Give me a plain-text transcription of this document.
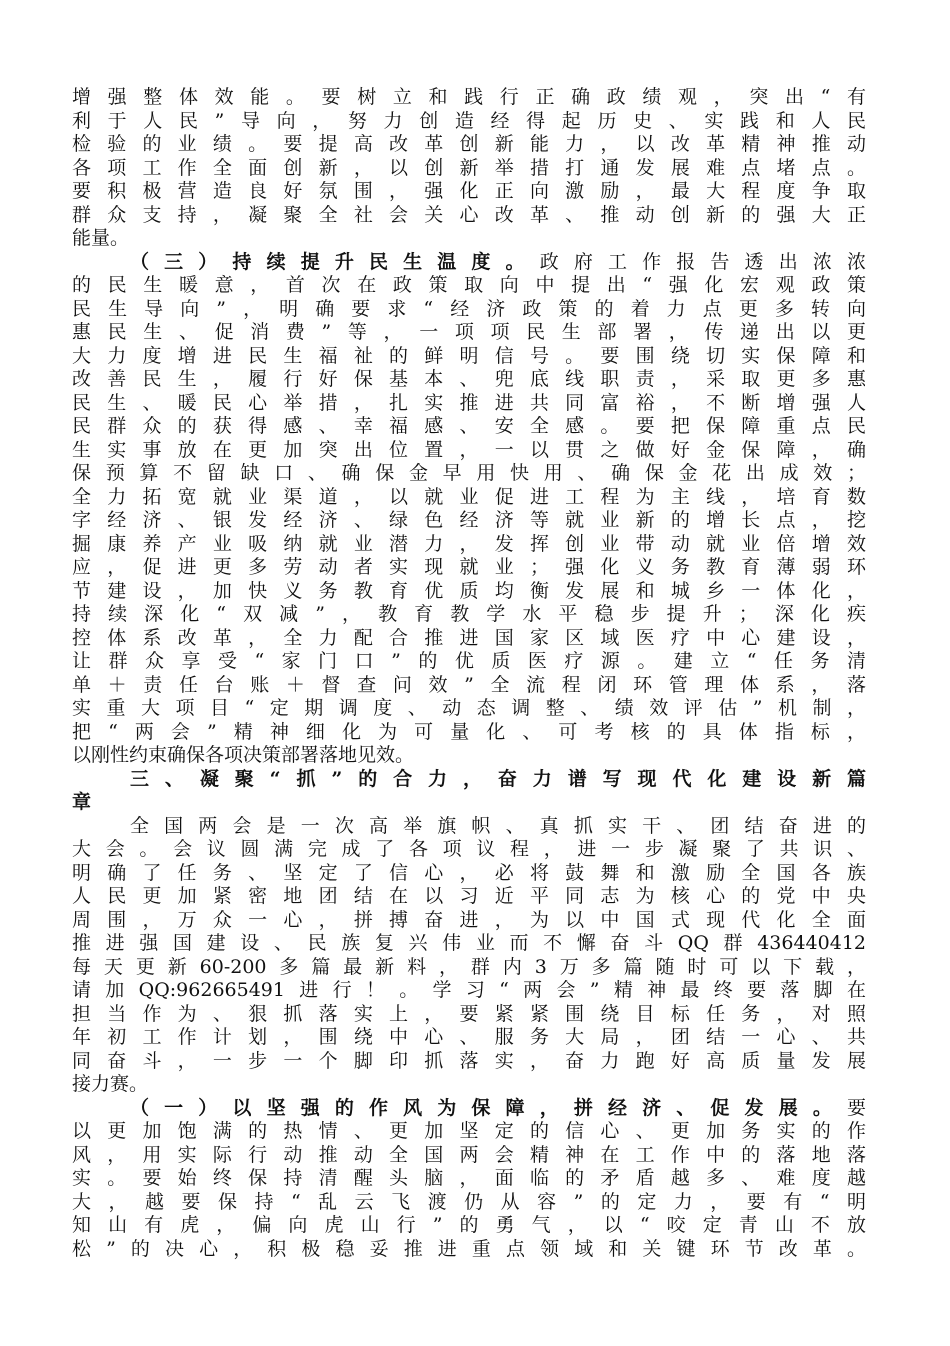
增强整体效能。要树立和践行正确政绩观，突出“有
利于人民”导向，努力创造经得起历史、实践和人民
检验的业绩。要提高改革创新能力，以改革精神推动
各项工作全面创新，以创新举措打通发展难点堵点。
要积极营造良好氛围，强化正向激励，最大程度争取
群众支持，凝聚全社会关心改革、推动创新的强大正
能量。
（三）持续提升民生温度。政府工作报告透出浓浓
的民生暖意，首次在政策取向中提出“强化宏观政策
民生导向”，明确要求“经济政策的着力点更多转向
惠民生、促消费”等，一项项民生部署，传递出以更
大力度增进民生福祉的鲜明信号。要围绕切实保障和
改善民生，履行好保基本、兜底线职责，采取更多惠
民生、暖民心举措，扎实推进共同富裕，不断增强人
民群众的获得感、幸福感、安全感。要把保障重点民
生实事放在更加突出位置，一以贯之做好金保障，确
保预算不留缺口、确保金早用快用、确保金花出成效；
全力拓宽就业渠道，以就业促进工程为主线，培育数
字经济、银发经济、绿色经济等就业新的增长点，挖
掘康养产业吸纳就业潜力，发挥创业带动就业倍增效
应，促进更多劳动者实现就业；强化义务教育薄弱环
节建设，加快义务教育优质均衡发展和城乡一体化，
持续深化“双减”，教育教学水平稳步提升；深化疾
控体系改革，全力配合推进国家区域医疗中心建设，
让群众享受“家门口”的优质医疗源。建立“任务清
单＋责任台账＋督查问效”全流程闭环管理体系，落
实重大项目“定期调度、动态调整、绩效评估”机制，
把“两会”精神细化为可量化、可考核的具体指标，
以刚性约束确保各项决策部署落地见效。
三、凝聚“抓”的合力，奋力谱写现代化建设新篇
章
全国两会是一次高举旗帜、真抓实干、团结奋进的
大会。会议圆满完成了各项议程，进一步凝聚了共识、
明确了任务、坚定了信心，必将鼓舞和激励全国各族
人民更加紧密地团结在以习近平同志为核心的党中央
周围，万众一心，拼搏奋进，为以中国式现代化全面
推进强国建设、民族复兴伟业而不懈奋斗QQ群436440412
每天更新60-200多篇最新料，群内3万多篇随时可以下载，
请加QQ:962665491进行！。学习“两会”精神最终要落脚在
担当作为、狠抓落实上，要紧紧围绕目标任务，对照
年初工作计划，围绕中心、服务大局，团结一心、共
同奋斗，一步一个脚印抓落实，奋力跑好高质量发展
接力赛。
（一）以坚强的作风为保障，拼经济、促发展。要
以更加饱满的热情、更加坚定的信心、更加务实的作
风，用实际行动推动全国两会精神在工作中的落地落
实。要始终保持清醒头脑，面临的矛盾越多、难度越
大，越要保持“乱云飞渡仍从容”的定力，要有“明
知山有虎，偏向虎山行”的勇气，以“咬定青山不放
松”的决心，积极稳妥推进重点领域和关键环节改革。
